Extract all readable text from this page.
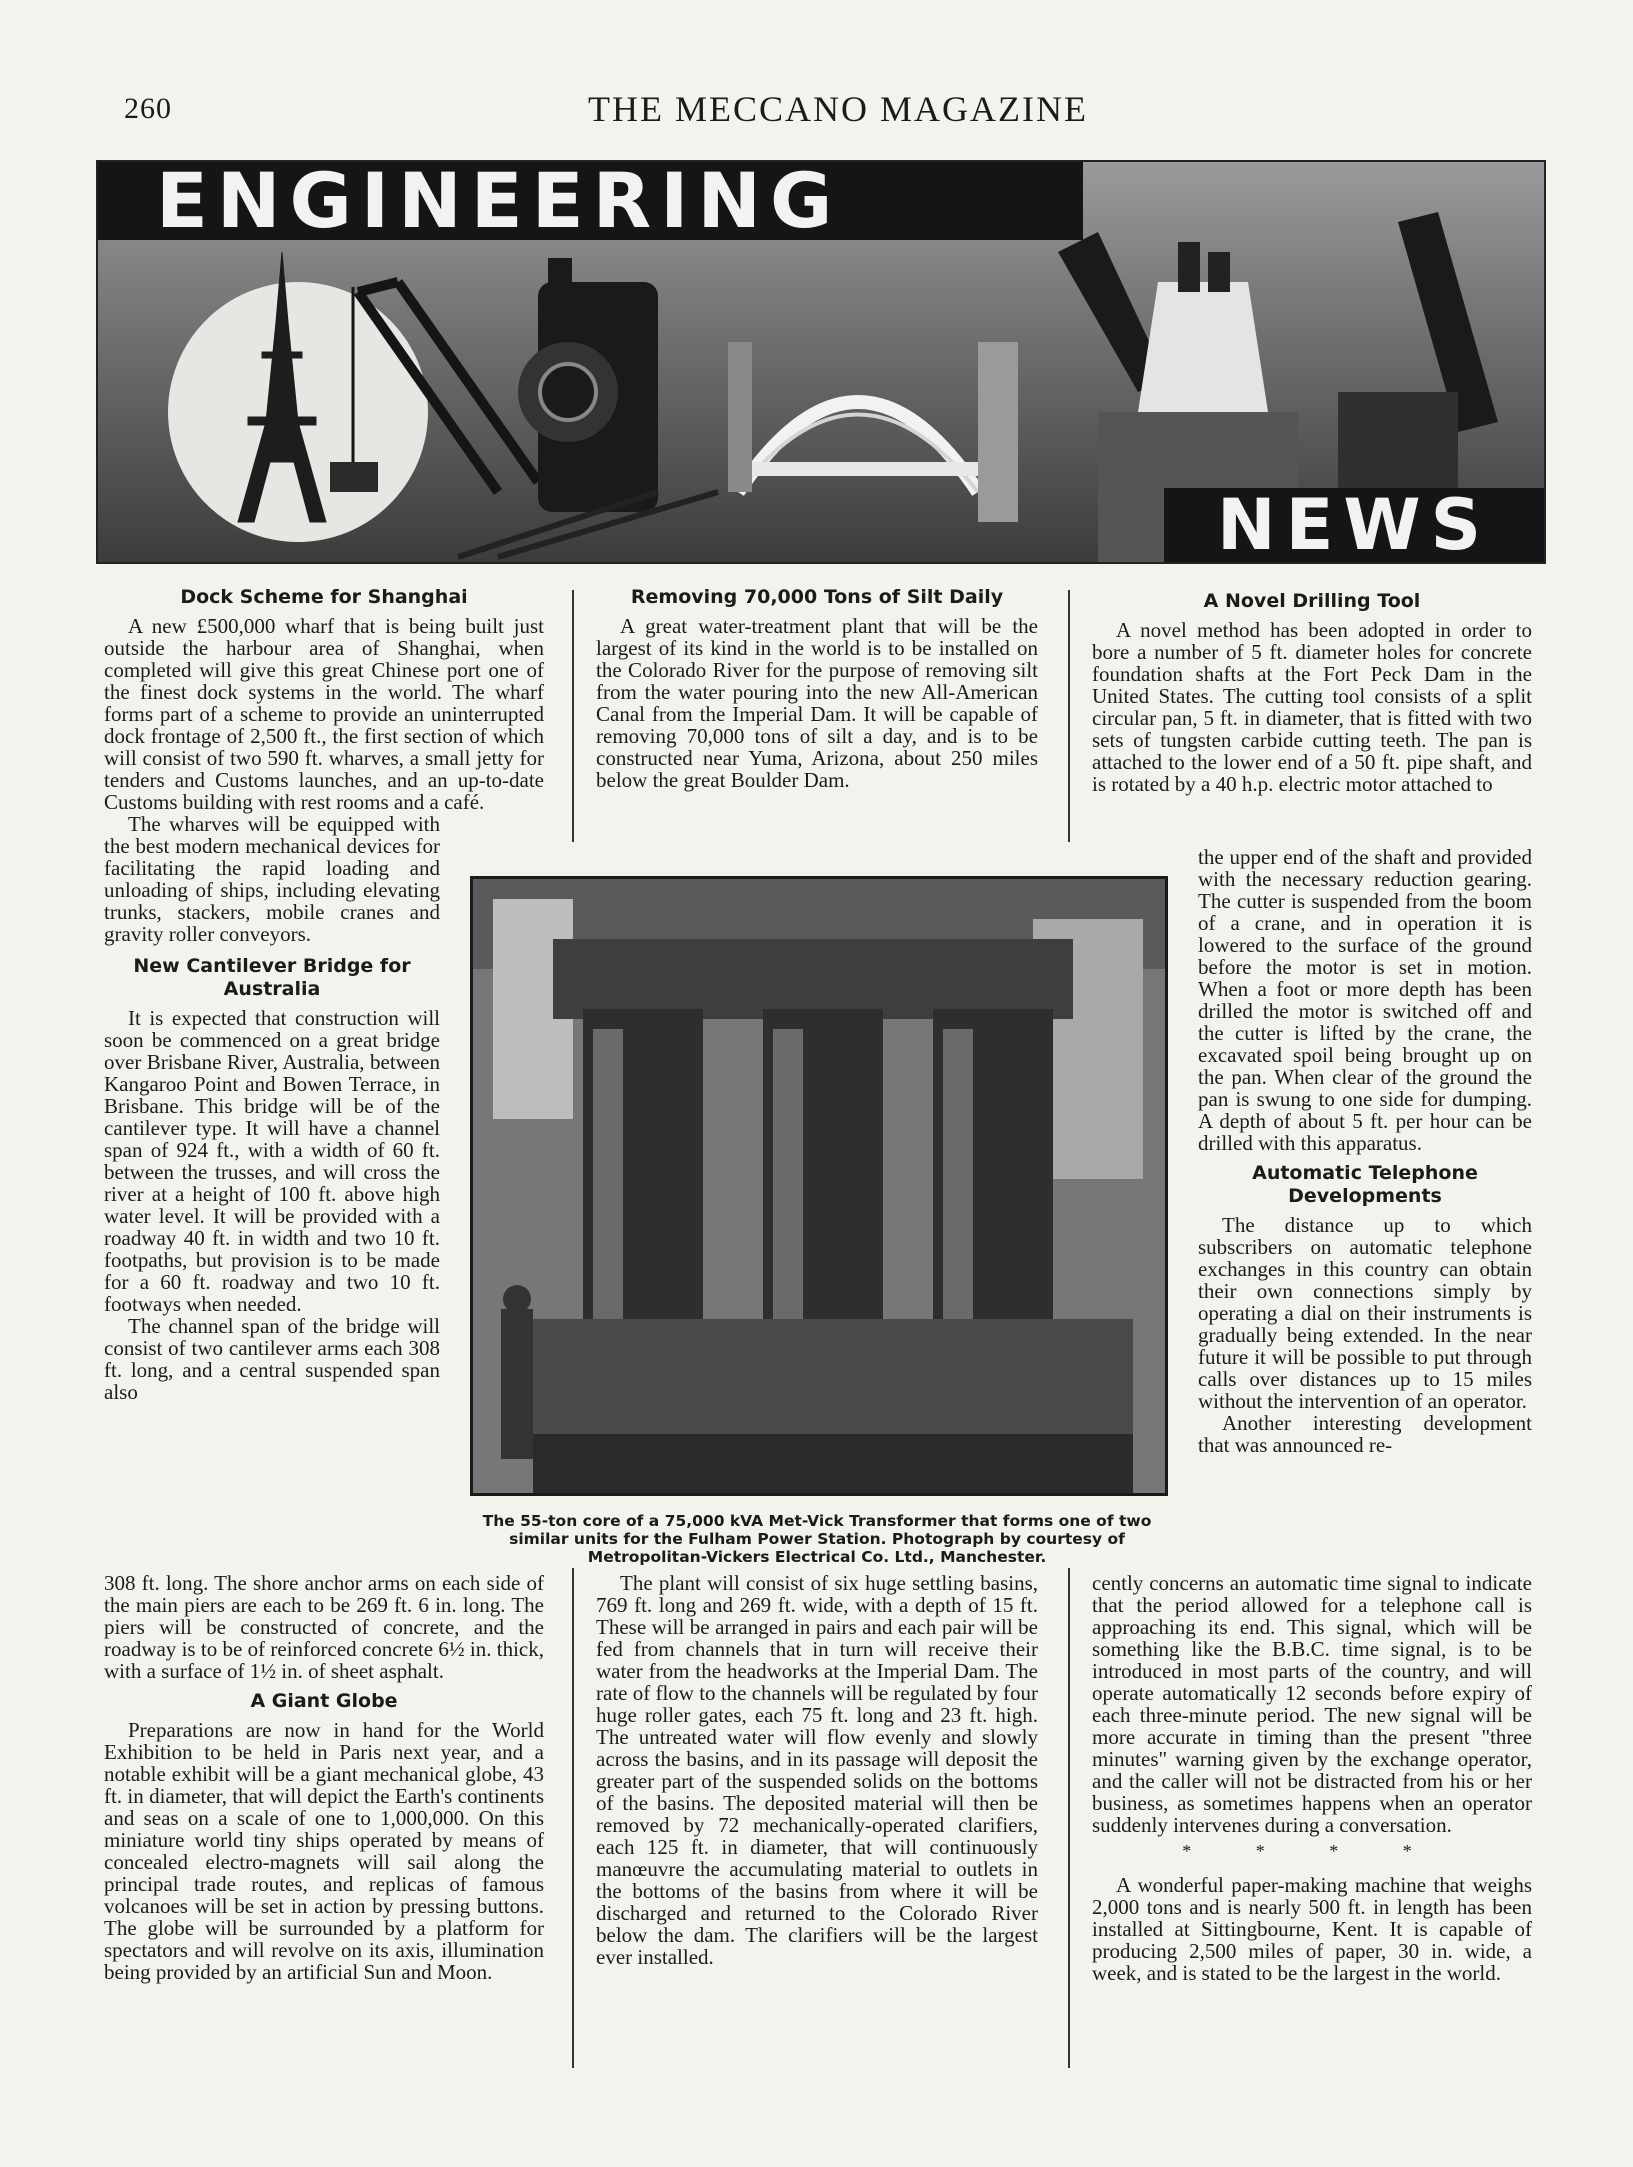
260	THE MECCANO MAGAZINE
ENGINEERING
NEWS
Dock Scheme for Shanghai

A new £500,000 wharf that is being built just outside the harbour area of Shanghai, when completed will give this great Chinese port one of the finest dock systems in the world. The wharf forms part of a scheme to provide an uninterrupted dock frontage of 2,500 ft., the first section of which will consist of two 590 ft. wharves, a small jetty for tenders and Customs launches, and an up-to-date Customs building with rest rooms and a café.

The wharves will be equipped with the best modern mechanical devices for facilitating the rapid loading and unloading of ships, including elevating trunks, stackers, mobile cranes and gravity roller conveyors.

New Cantilever Bridge for Australia

It is expected that construction will soon be commenced on a great bridge over Brisbane River, Australia, between Kangaroo Point and Bowen Terrace, in Brisbane. This bridge will be of the cantilever type. It will have a channel span of 924 ft., with a width of 60 ft. between the trusses, and will cross the river at a height of 100 ft. above high water level. It will be provided with a roadway 40 ft. in width and two 10 ft. footpaths, but provision is to be made for a 60 ft. roadway and two 10 ft. footways when needed.

The channel span of the bridge will consist of two cantilever arms each 308 ft. long, and a central suspended span also

308 ft. long. The shore anchor arms on each side of the main piers are each to be 269 ft. 6 in. long. The piers will be constructed of concrete, and the roadway is to be of reinforced concrete 6½ in. thick, with a surface of 1½ in. of sheet asphalt.

A Giant Globe

Preparations are now in hand for the World Exhibition to be held in Paris next year, and a notable exhibit will be a giant mechanical globe, 43 ft. in diameter, that will depict the Earth's continents and seas on a scale of one to 1,000,000. On this miniature world tiny ships operated by means of concealed electro-magnets will sail along the principal trade routes, and replicas of famous volcanoes will be set in action by pressing buttons. The globe will be surrounded by a platform for spectators and will revolve on its axis, illumination being provided by an artificial Sun and Moon.

Removing 70,000 Tons of Silt Daily

A great water-treatment plant that will be the largest of its kind in the world is to be installed on the Colorado River for the purpose of removing silt from the water pouring into the new All-American Canal from the Imperial Dam. It will be capable of removing 70,000 tons of silt a day, and is to be constructed near Yuma, Arizona, about 250 miles below the great Boulder Dam.

The 55-ton core of a 75,000 kVA Met-Vick Transformer that forms one of two similar units for the Fulham Power Station. Photograph by courtesy of Metropolitan-Vickers Electrical Co. Ltd., Manchester.

The plant will consist of six huge settling basins, 769 ft. long and 269 ft. wide, with a depth of 15 ft. These will be arranged in pairs and each pair will be fed from channels that in turn will receive their water from the headworks at the Imperial Dam. The rate of flow to the channels will be regulated by four huge roller gates, each 75 ft. long and 23 ft. high. The untreated water will flow evenly and slowly across the basins, and in its passage will deposit the greater part of the suspended solids on the bottoms of the basins. The deposited material will then be removed by 72 mechanically-operated clarifiers, each 125 ft. in diameter, that will continuously manœuvre the accumulating material to outlets in the bottoms of the basins from where it will be discharged and returned to the Colorado River below the dam. The clarifiers will be the largest ever installed.

A Novel Drilling Tool

A novel method has been adopted in order to bore a number of 5 ft. diameter holes for concrete foundation shafts at the Fort Peck Dam in the United States. The cutting tool consists of a split circular pan, 5 ft. in diameter, that is fitted with two sets of tungsten carbide cutting teeth. The pan is attached to the lower end of a 50 ft. pipe shaft, and is rotated by a 40 h.p. electric motor attached to

the upper end of the shaft and provided with the necessary reduction gearing. The cutter is suspended from the boom of a crane, and in operation it is lowered to the surface of the ground before the motor is set in motion. When a foot or more depth has been drilled the motor is switched off and the cutter is lifted by the crane, the excavated spoil being brought up on the pan. When clear of the ground the pan is swung to one side for dumping. A depth of about 5 ft. per hour can be drilled with this apparatus.

Automatic Telephone Developments

The distance up to which subscribers on automatic telephone exchanges in this country can obtain their own connections simply by operating a dial on their instruments is gradually being extended. In the near future it will be possible to put through calls over distances up to 15 miles without the intervention of an operator.

Another interesting development that was announced re-

cently concerns an automatic time signal to indicate that the period allowed for a telephone call is approaching its end. This signal, which will be something like the B.B.C. time signal, is to be introduced in most parts of the country, and will operate automatically 12 seconds before expiry of each three-minute period. The new signal will be more accurate in timing than the present "three minutes" warning given by the exchange operator, and the caller will not be distracted from his or her business, as sometimes happens when an operator suddenly intervenes during a conversation.

* * * *

A wonderful paper-making machine that weighs 2,000 tons and is nearly 500 ft. in length has been installed at Sittingbourne, Kent. It is capable of producing 2,500 miles of paper, 30 in. wide, a week, and is stated to be the largest in the world.
